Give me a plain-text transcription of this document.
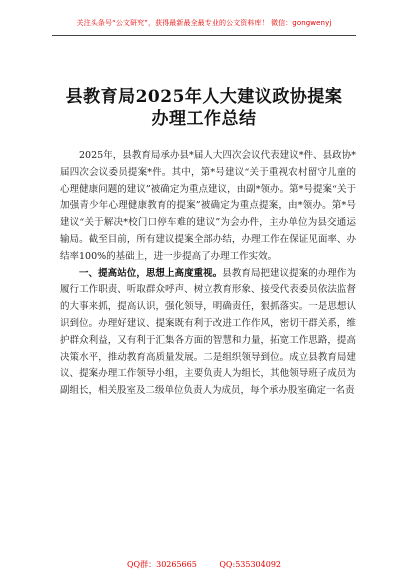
关注头条号“公文研究”，获得最新最全最专业的公文资料库！ 微信：gongwenyj
县教育局2025年人大建议政协提案
办理工作总结

2025年，县教育局承办县*届人大四次会议代表建议*件、县政协*届四次会议委员提案*件。其中，第*号建议“关于重视农村留守儿童的心理健康问题的建议”被确定为重点建议，由副*领办。第*号提案“关于加强青少年心理健康教育的提案”被确定为重点提案，由*领办。第*号建议“关于解决*校门口停车难的建议”为会办件，主办单位为县交通运输局。截至目前，所有建议提案全部办结，办理工作在保证见面率、办结率100%的基础上，进一步提高了办理工作实效。

一、提高站位，思想上高度重视。县教育局把建议提案的办理作为履行工作职责、听取群众呼声、树立教育形象、接受代表委员依法监督的大事来抓，提高认识，强化领导，明确责任，狠抓落实。一是思想认识到位。办理好建议、提案既有利于改进工作作风，密切干群关系，维护群众利益，又有利于汇集各方面的智慧和力量，拓宽工作思路，提高决策水平，推动教育高质量发展。二是组织领导到位。成立县教育局建议、提案办理工作领导小组，主要负责人为组长，其他领导班子成员为副组长，相关股室及二级单位负责人为成员，每个承办股室确定一名责

QQ群：30265665	QQ:535304092
